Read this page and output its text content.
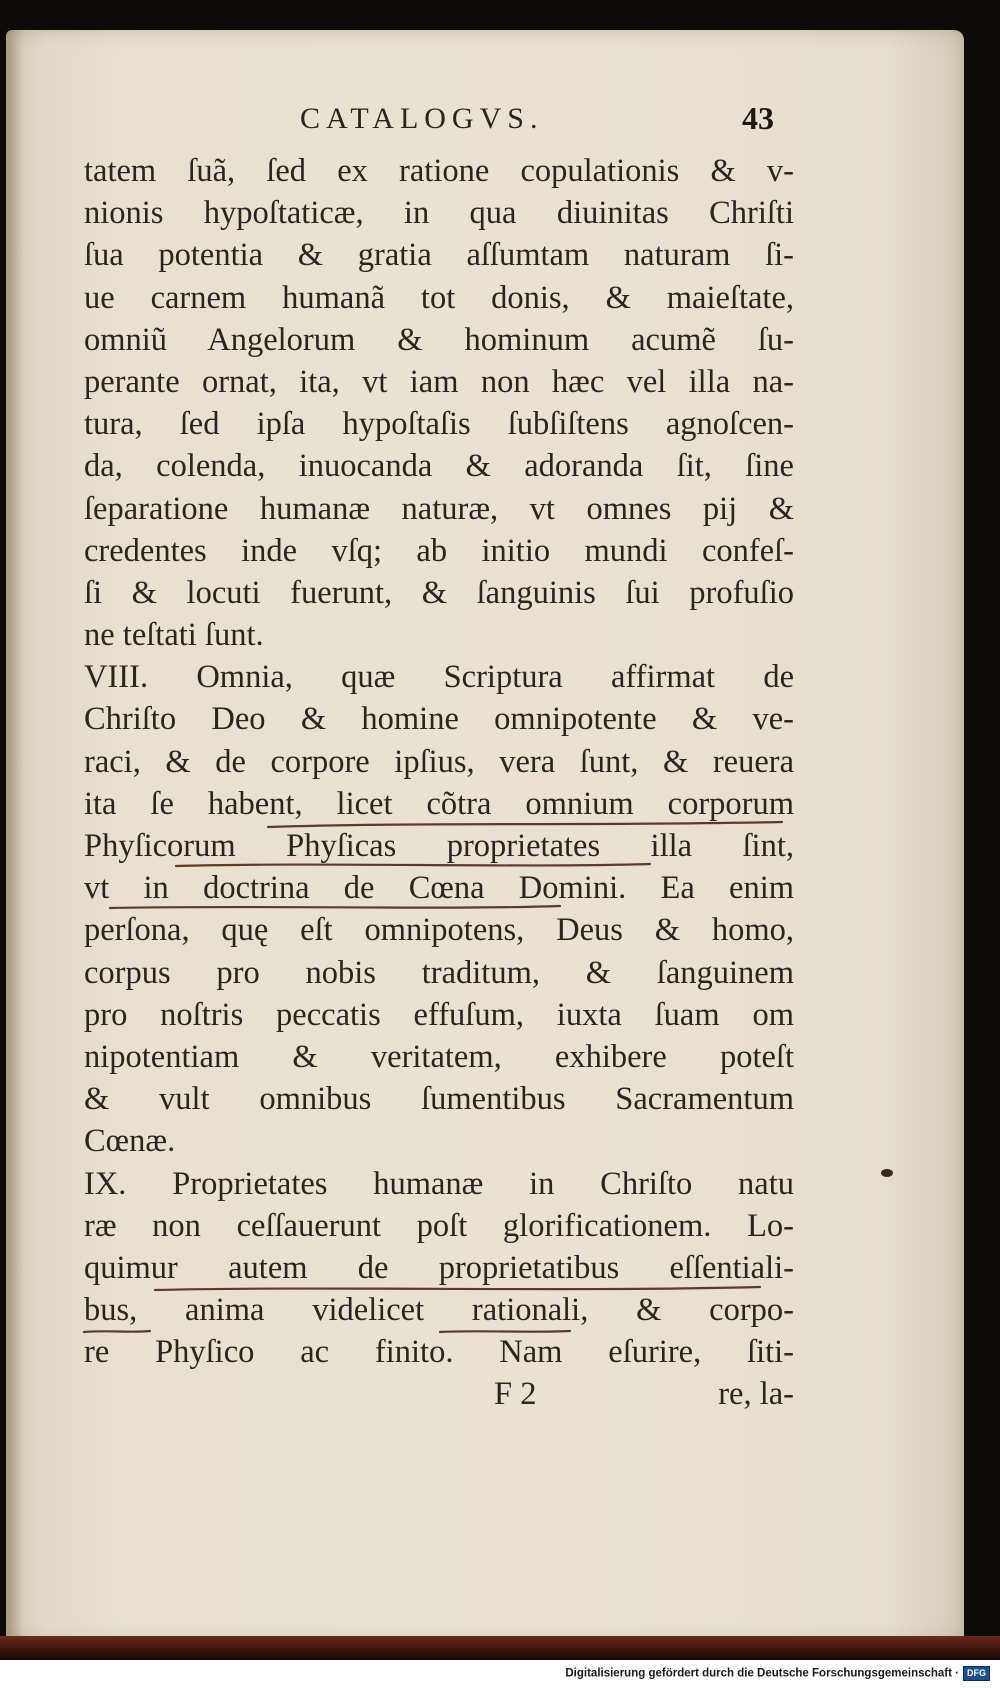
CATALOGVS.	43
tatem ſuã, ſed ex ratione copulationis & v-
nionis hypoſtaticæ, in qua diuinitas Chriſti
ſua potentia & gratia aſſumtam naturam ſi-
ue carnem humanã tot donis, & maieſtate,
omniũ Angelorum & hominum acumẽ ſu-
perante ornat, ita, vt iam non hæc vel illa na-
tura, ſed ipſa hypoſtaſis ſubſiſtens agnoſcen-
da, colenda, inuocanda & adoranda ſit, ſine
ſeparatione humanæ naturæ, vt omnes pij &
credentes inde vſq; ab initio mundi confeſ-
ſi & locuti fuerunt, & ſanguinis ſui profuſio
ne teſtati ſunt.
VIII. Omnia, quæ Scriptura affirmat de
Chriſto Deo & homine omnipotente & ve-
raci, & de corpore ipſius, vera ſunt, & reuera
ita ſe habent, licet cõtra omnium corporum
Phyſicorum Phyſicas proprietates illa ſint,
vt in doctrina de Cœna Domini. Ea enim
perſona, quę eſt omnipotens, Deus & homo,
corpus pro nobis traditum, & ſanguinem
pro noſtris peccatis effuſum, iuxta ſuam om
nipotentiam & veritatem, exhibere poteſt
& vult omnibus ſumentibus Sacramentum
Cœnæ.
IX. Proprietates humanæ in Chriſto natu
ræ non ceſſauerunt poſt glorificationem. Lo-
quimur autem de proprietatibus eſſentiali-
bus, anima videlicet rationali, & corpo-
re Phyſico ac finito. Nam eſurire, ſiti-
F 2	re, la-
Digitalisierung gefördert durch die Deutsche Forschungsgemeinschaft · DFG
